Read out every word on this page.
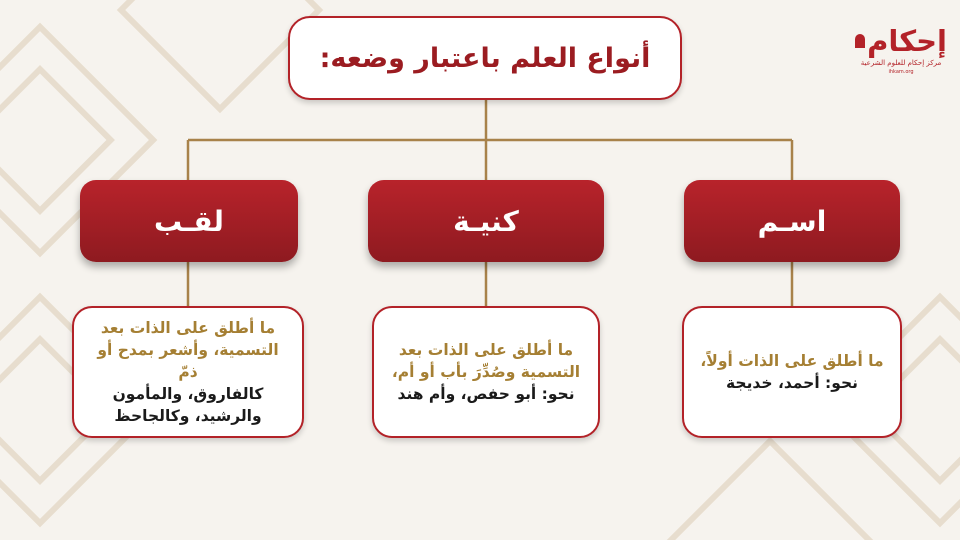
إحكام
مركز إحكام للعلوم الشرعية
ihkam.org
أنواع العلم باعتبار وضعه:
اسـم
كنيـة
لقـب
ما أطلق على الذات أولاً،
نحو: أحمد، خديجة
ما أطلق على الذات بعد التسمية وصُدِّرَ بأب أو أم،
نحو: أبو حفص، وأم هند
ما أطلق على الذات بعد التسمية، وأشعر بمدح أو ذمّ
كالفاروق، والمأمون والرشيد، وكالجاحظ
